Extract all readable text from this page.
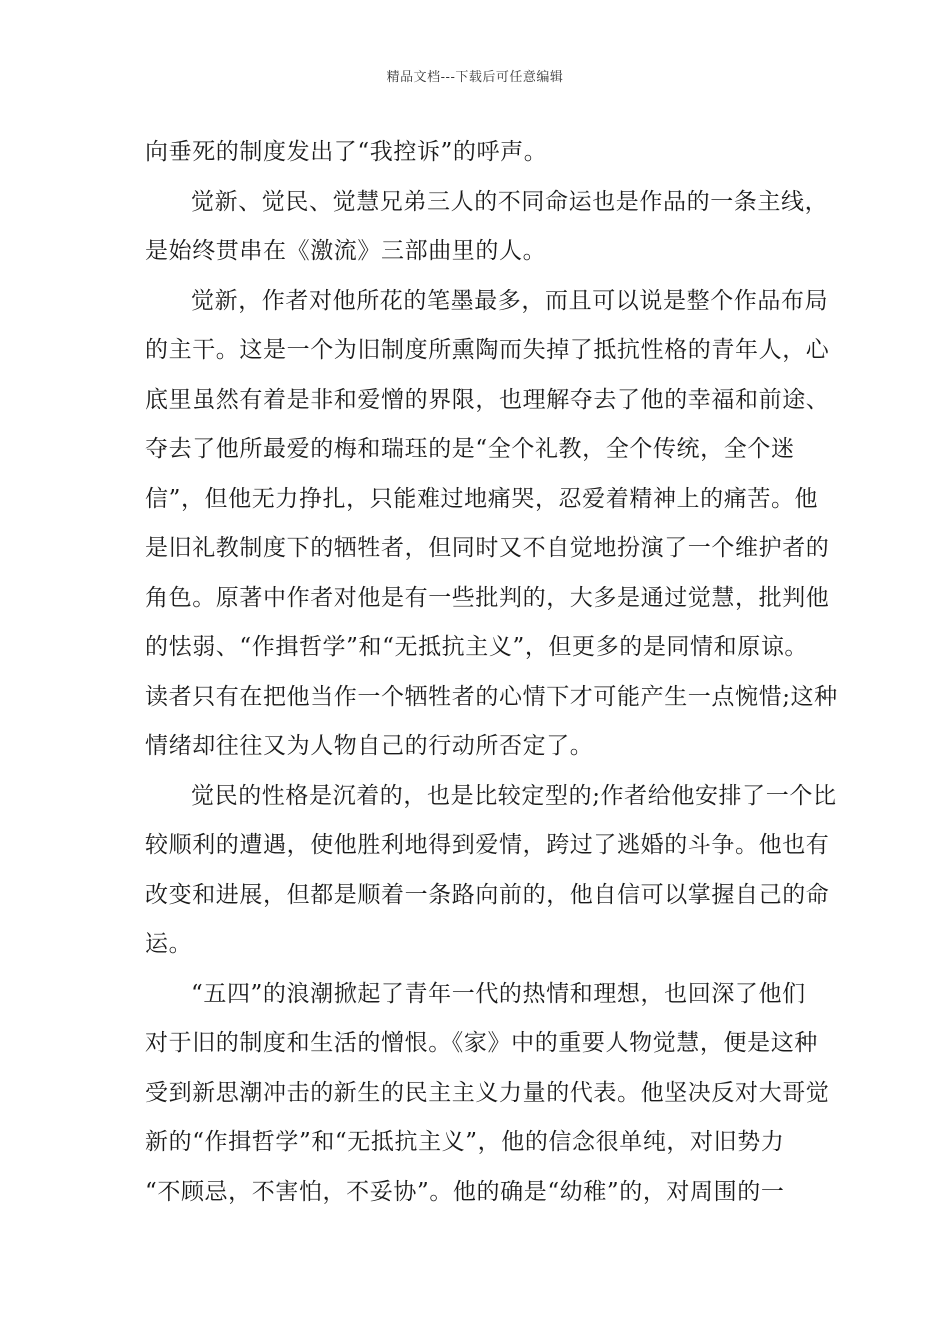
精品文档---下载后可任意编辑
向垂死的制度发出了“我控诉”的呼声。
觉新、觉民、觉慧兄弟三人的不同命运也是作品的一条主线，
是始终贯串在《激流》三部曲里的人。
觉新，作者对他所花的笔墨最多，而且可以说是整个作品布局
的主干。这是一个为旧制度所熏陶而失掉了抵抗性格的青年人，心
底里虽然有着是非和爱憎的界限，也理解夺去了他的幸福和前途、
夺去了他所最爱的梅和瑞珏的是“全个礼教，全个传统，全个迷
信”，但他无力挣扎，只能难过地痛哭，忍爱着精神上的痛苦。他
是旧礼教制度下的牺牲者，但同时又不自觉地扮演了一个维护者的
角色。原著中作者对他是有一些批判的，大多是通过觉慧，批判他
的怯弱、“作揖哲学”和“无抵抗主义”，但更多的是同情和原谅。
读者只有在把他当作一个牺牲者的心情下才可能产生一点惋惜;这种
情绪却往往又为人物自己的行动所否定了。
觉民的性格是沉着的，也是比较定型的;作者给他安排了一个比
较顺利的遭遇，使他胜利地得到爱情，跨过了逃婚的斗争。他也有
改变和进展，但都是顺着一条路向前的，他自信可以掌握自己的命
运。
“五四”的浪潮掀起了青年一代的热情和理想，也回深了他们
对于旧的制度和生活的憎恨。《家》中的重要人物觉慧，便是这种
受到新思潮冲击的新生的民主主义力量的代表。他坚决反对大哥觉
新的“作揖哲学”和“无抵抗主义”，他的信念很单纯，对旧势力
“不顾忌，不害怕，不妥协”。他的确是“幼稚”的，对周围的一
